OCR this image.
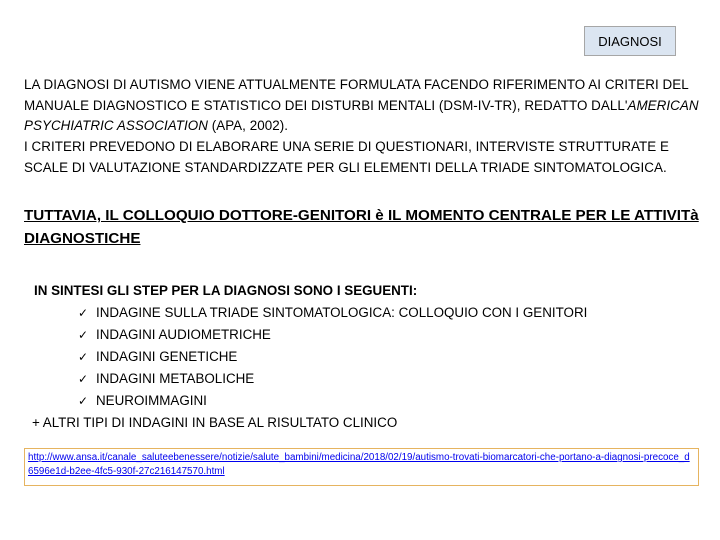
DIAGNOSI

LA DIAGNOSI DI AUTISMO VIENE ATTUALMENTE FORMULATA FACENDO RIFERIMENTO AI CRITERI DEL MANUALE DIAGNOSTICO E STATISTICO DEI DISTURBI MENTALI (DSM-IV-TR), REDATTO DALL'AMERICAN PSYCHIATRIC ASSOCIATION (APA, 2002).

I CRITERI PREVEDONO DI ELABORARE UNA SERIE DI QUESTIONARI, INTERVISTE STRUTTURATE E SCALE DI VALUTAZIONE STANDARDIZZATE PER GLI ELEMENTI DELLA TRIADE SINTOMATOLOGICA.

TUTTAVIA, IL COLLOQUIO DOTTORE-GENITORI è IL MOMENTO CENTRALE PER LE ATTIVITà DIAGNOSTICHE
IN SINTESI GLI STEP PER LA DIAGNOSI SONO I SEGUENTI:
✓ INDAGINE SULLA TRIADE SINTOMATOLOGICA: COLLOQUIO CON I GENITORI
✓ INDAGINI AUDIOMETRICHE
✓ INDAGINI GENETICHE
✓ INDAGINI METABOLICHE
✓ NEUROIMMAGINI
+ ALTRI TIPI DI INDAGINI IN BASE AL RISULTATO CLINICO
http://www.ansa.it/canale_saluteebenessere/notizie/salute_bambini/medicina/2018/02/19/autismo-trovati-biomarcatori-che-portano-a-diagnosi-precoce_d6596e1d-b2ee-4fc5-930f-27c216147570.html
